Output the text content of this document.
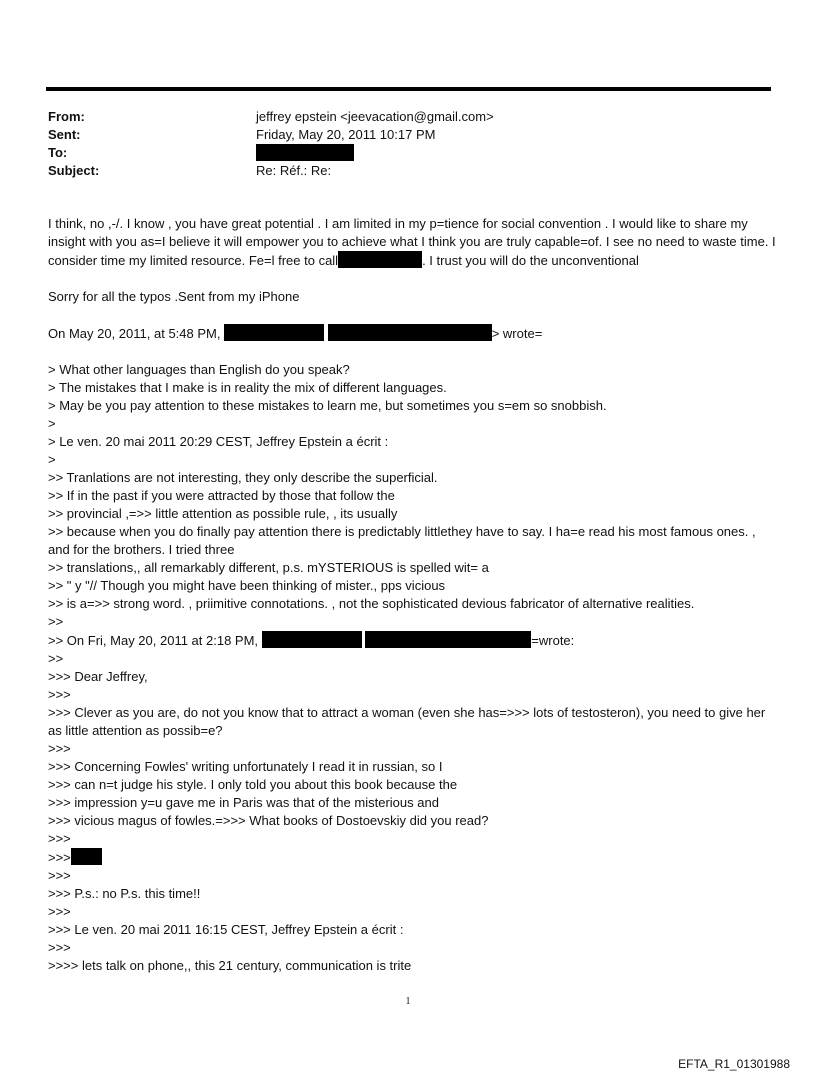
From:	jeffrey epstein <jeevacation@gmail.com>
Sent:	Friday, May 20, 2011 10:17 PM
To:
Subject:	Re: Réf.: Re:

I think, no ,-/. I know , you have great potential . I am limited in my p=tience for social convention . I would like to share my insight with you as=I believe it will empower you to achieve what I think you are truly capable=of. I see no need to waste time. I consider time my limited resource. Fe=l free to call	. I trust you will do the unconventional

Sorry for all the typos .Sent from my iPhone

On May 20, 2011, at 5:48 PM,	> wrote=

> What other languages than English do you speak?

> The mistakes that I make is in reality the mix of different languages.

> May be you pay attention to these mistakes to learn me, but sometimes you s=em so snobbish.

>

> Le ven. 20 mai 2011 20:29 CEST, Jeffrey Epstein a écrit :

>

>> Tranlations are not interesting, they only describe the superficial.

>> If in the past if you were attracted by those that follow the

>> provincial ,=>> little attention as possible rule, , its usually

>> because when you do finally pay attention there is predictably littlethey have to say. I ha=e read his most famous ones. , and for the brothers. I tried three

>> translations,, all remarkably different, p.s. mYSTERIOUS is spelled wit= a

>> " y "// Though you might have been thinking of mister., pps vicious

>> is a=>> strong word. , priimitive connotations. , not the sophisticated devious fabricator of alternative realities.

>>

>> On Fri, May 20, 2011 at 2:18 PM,	=wrote:

>>

>>> Dear Jeffrey,

>>>

>>> Clever as you are, do not you know that to attract a woman (even she has=>>> lots of testosteron), you need to give her as little attention as possib=e?

>>>

>>> Concerning Fowles' writing unfortunately I read it in russian, so I

>>> can n=t judge his style. I only told you about this book because the

>>> impression y=u gave me in Paris was that of the misterious and

>>> vicious magus of fowles.=>>> What books of Dostoevskiy did you read?

>>>

>>>

>>>

>>> P.s.: no P.s. this time!!

>>>

>>> Le ven. 20 mai 2011 16:15 CEST, Jeffrey Epstein a écrit :

>>>

>>>> lets talk on phone,, this 21 century, communication is trite

1
EFTA_R1_01301988
